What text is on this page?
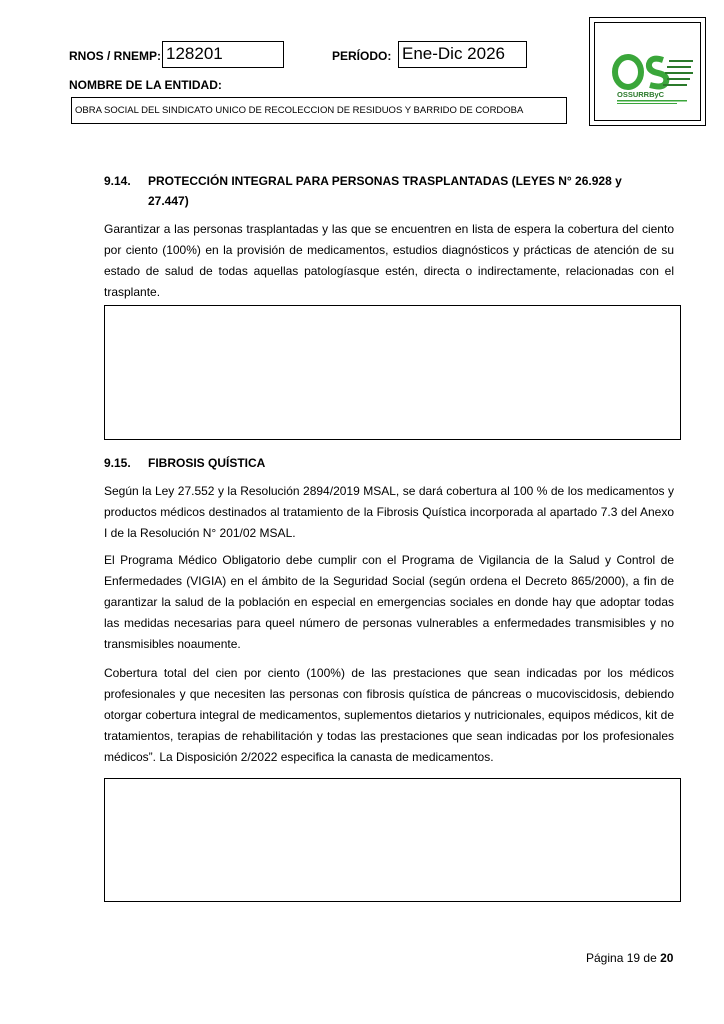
RNOS / RNEMP: 128201	PERÍODO: Ene-Dic 2026
NOMBRE DE LA ENTIDAD:
OBRA SOCIAL DEL SINDICATO UNICO DE RECOLECCION DE RESIDUOS Y BARRIDO DE CORDOBA
OSSURRByC
9.14. PROTECCIÓN INTEGRAL PARA PERSONAS TRASPLANTADAS (LEYES N° 26.928 y
27.447)

Garantizar a las personas trasplantadas y las que se encuentren en lista de espera la cobertura del ciento por ciento (100%) en la provisión de medicamentos, estudios diagnósticos y prácticas de atención de su estado de salud de todas aquellas patologíasque estén, directa o indirectamente, relacionadas con el trasplante.

9.15. FIBROSIS QUÍSTICA

Según la Ley 27.552 y la Resolución 2894/2019 MSAL, se dará cobertura al 100 % de los medicamentos y productos médicos destinados al tratamiento de la Fibrosis Quística incorporada al apartado 7.3 del Anexo I de la Resolución N° 201/02 MSAL.

El Programa Médico Obligatorio debe cumplir con el Programa de Vigilancia de la Salud y Control de Enfermedades (VIGIA) en el ámbito de la Seguridad Social (según ordena el Decreto 865/2000), a fin de garantizar la salud de la población en especial en emergencias sociales en donde hay que adoptar todas las medidas necesarias para queel número de personas vulnerables a enfermedades transmisibles y no transmisibles noaumente.

Cobertura total del cien por ciento (100%) de las prestaciones que sean indicadas por los médicos profesionales y que necesiten las personas con fibrosis quística de páncreas o mucoviscidosis, debiendo otorgar cobertura integral de medicamentos, suplementos dietarios y nutricionales, equipos médicos, kit de tratamientos, terapias de rehabilitación y todas las prestaciones que sean indicadas por los profesionales médicos”. La Disposición 2/2022 especifica la canasta de medicamentos.

Página 19 de 20
